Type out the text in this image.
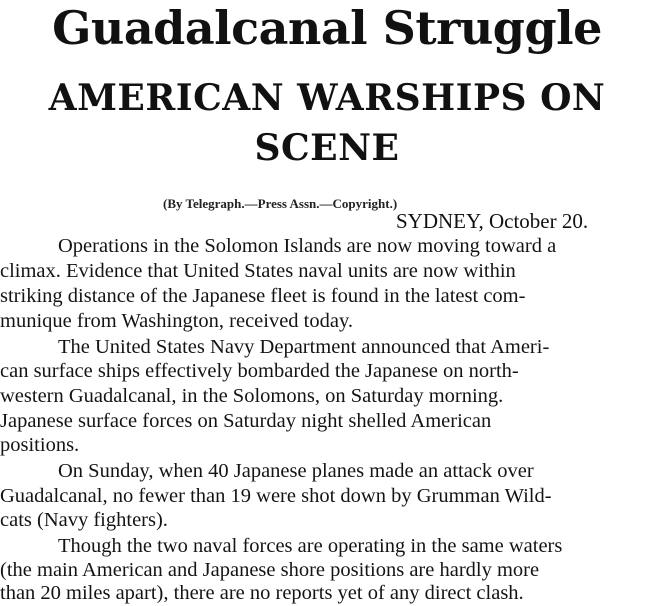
Guadalcanal Struggle
AMERICAN WARSHIPS ON
SCENE
(By Telegraph.—Press Assn.—Copyright.)
SYDNEY, October 20.
Operations in the Solomon Islands are now moving toward a
climax. Evidence that United States naval units are now within
striking distance of the Japanese fleet is found in the latest com-
munique from Washington, received today.
The United States Navy Department announced that Ameri-
can surface ships effectively bombarded the Japanese on north-
western Guadalcanal, in the Solomons, on Saturday morning.
Japanese surface forces on Saturday night shelled American
positions.
On Sunday, when 40 Japanese planes made an attack over
Guadalcanal, no fewer than 19 were shot down by Grumman Wild-
cats (Navy fighters).
Though the two naval forces are operating in the same waters
(the main American and Japanese shore positions are hardly more
than 20 miles apart), there are no reports yet of any direct clash.
